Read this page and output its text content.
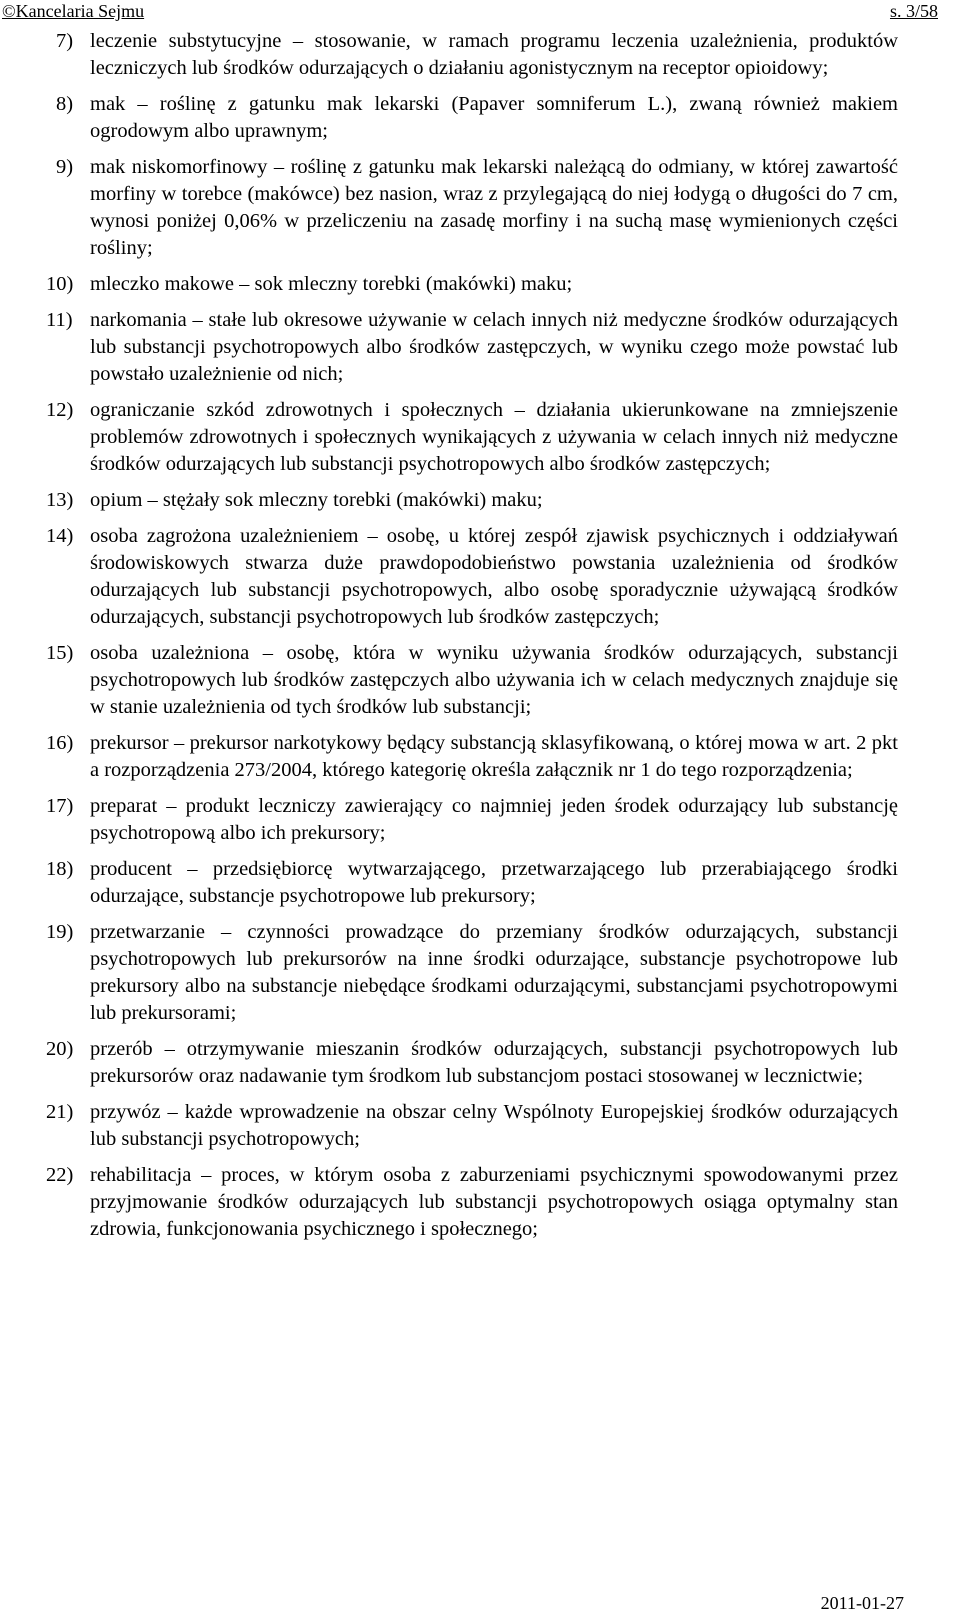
©Kancelaria Sejmu	s. 3/58
7) leczenie substytucyjne – stosowanie, w ramach programu leczenia uzależnienia, produktów leczniczych lub środków odurzających o działaniu agonistycznym na receptor opioidowy;
8) mak – roślinę z gatunku mak lekarski (Papaver somniferum L.), zwaną również makiem ogrodowym albo uprawnym;
9) mak niskomorfinowy – roślinę z gatunku mak lekarski należącą do odmiany, w której zawartość morfiny w torebce (makówce) bez nasion, wraz z przylegającą do niej łodygą o długości do 7 cm, wynosi poniżej 0,06% w przeliczeniu na zasadę morfiny i na suchą masę wymienionych części rośliny;
10) mleczko makowe – sok mleczny torebki (makówki) maku;
11) narkomania – stałe lub okresowe używanie w celach innych niż medyczne środków odurzających lub substancji psychotropowych albo środków zastępczych, w wyniku czego może powstać lub powstało uzależnienie od nich;
12) ograniczanie szkód zdrowotnych i społecznych – działania ukierunkowane na zmniejszenie problemów zdrowotnych i społecznych wynikających z używania w celach innych niż medyczne środków odurzających lub substancji psychotropowych albo środków zastępczych;
13) opium – stężały sok mleczny torebki (makówki) maku;
14) osoba zagrożona uzależnieniem – osobę, u której zespół zjawisk psychicznych i oddziaływań środowiskowych stwarza duże prawdopodobieństwo powstania uzależnienia od środków odurzających lub substancji psychotropowych, albo osobę sporadycznie używającą środków odurzających, substancji psychotropowych lub środków zastępczych;
15) osoba uzależniona – osobę, która w wyniku używania środków odurzających, substancji psychotropowych lub środków zastępczych albo używania ich w celach medycznych znajduje się w stanie uzależnienia od tych środków lub substancji;
16) prekursor – prekursor narkotykowy będący substancją sklasyfikowaną, o której mowa w art. 2 pkt a rozporządzenia 273/2004, którego kategorię określa załącznik nr 1 do tego rozporządzenia;
17) preparat – produkt leczniczy zawierający co najmniej jeden środek odurzający lub substancję psychotropową albo ich prekursory;
18) producent – przedsiębiorcę wytwarzającego, przetwarzającego lub przerabiającego środki odurzające, substancje psychotropowe lub prekursory;
19) przetwarzanie – czynności prowadzące do przemiany środków odurzających, substancji psychotropowych lub prekursorów na inne środki odurzające, substancje psychotropowe lub prekursory albo na substancje niebędące środkami odurzającymi, substancjami psychotropowymi lub prekursorami;
20) przerób – otrzymywanie mieszanin środków odurzających, substancji psychotropowych lub prekursorów oraz nadawanie tym środkom lub substancjom postaci stosowanej w lecznictwie;
21) przywóz – każde wprowadzenie na obszar celny Wspólnoty Europejskiej środków odurzających lub substancji psychotropowych;
22) rehabilitacja – proces, w którym osoba z zaburzeniami psychicznymi spowodowanymi przez przyjmowanie środków odurzających lub substancji psychotropowych osiąga optymalny stan zdrowia, funkcjonowania psychicznego i społecznego;
2011-01-27
